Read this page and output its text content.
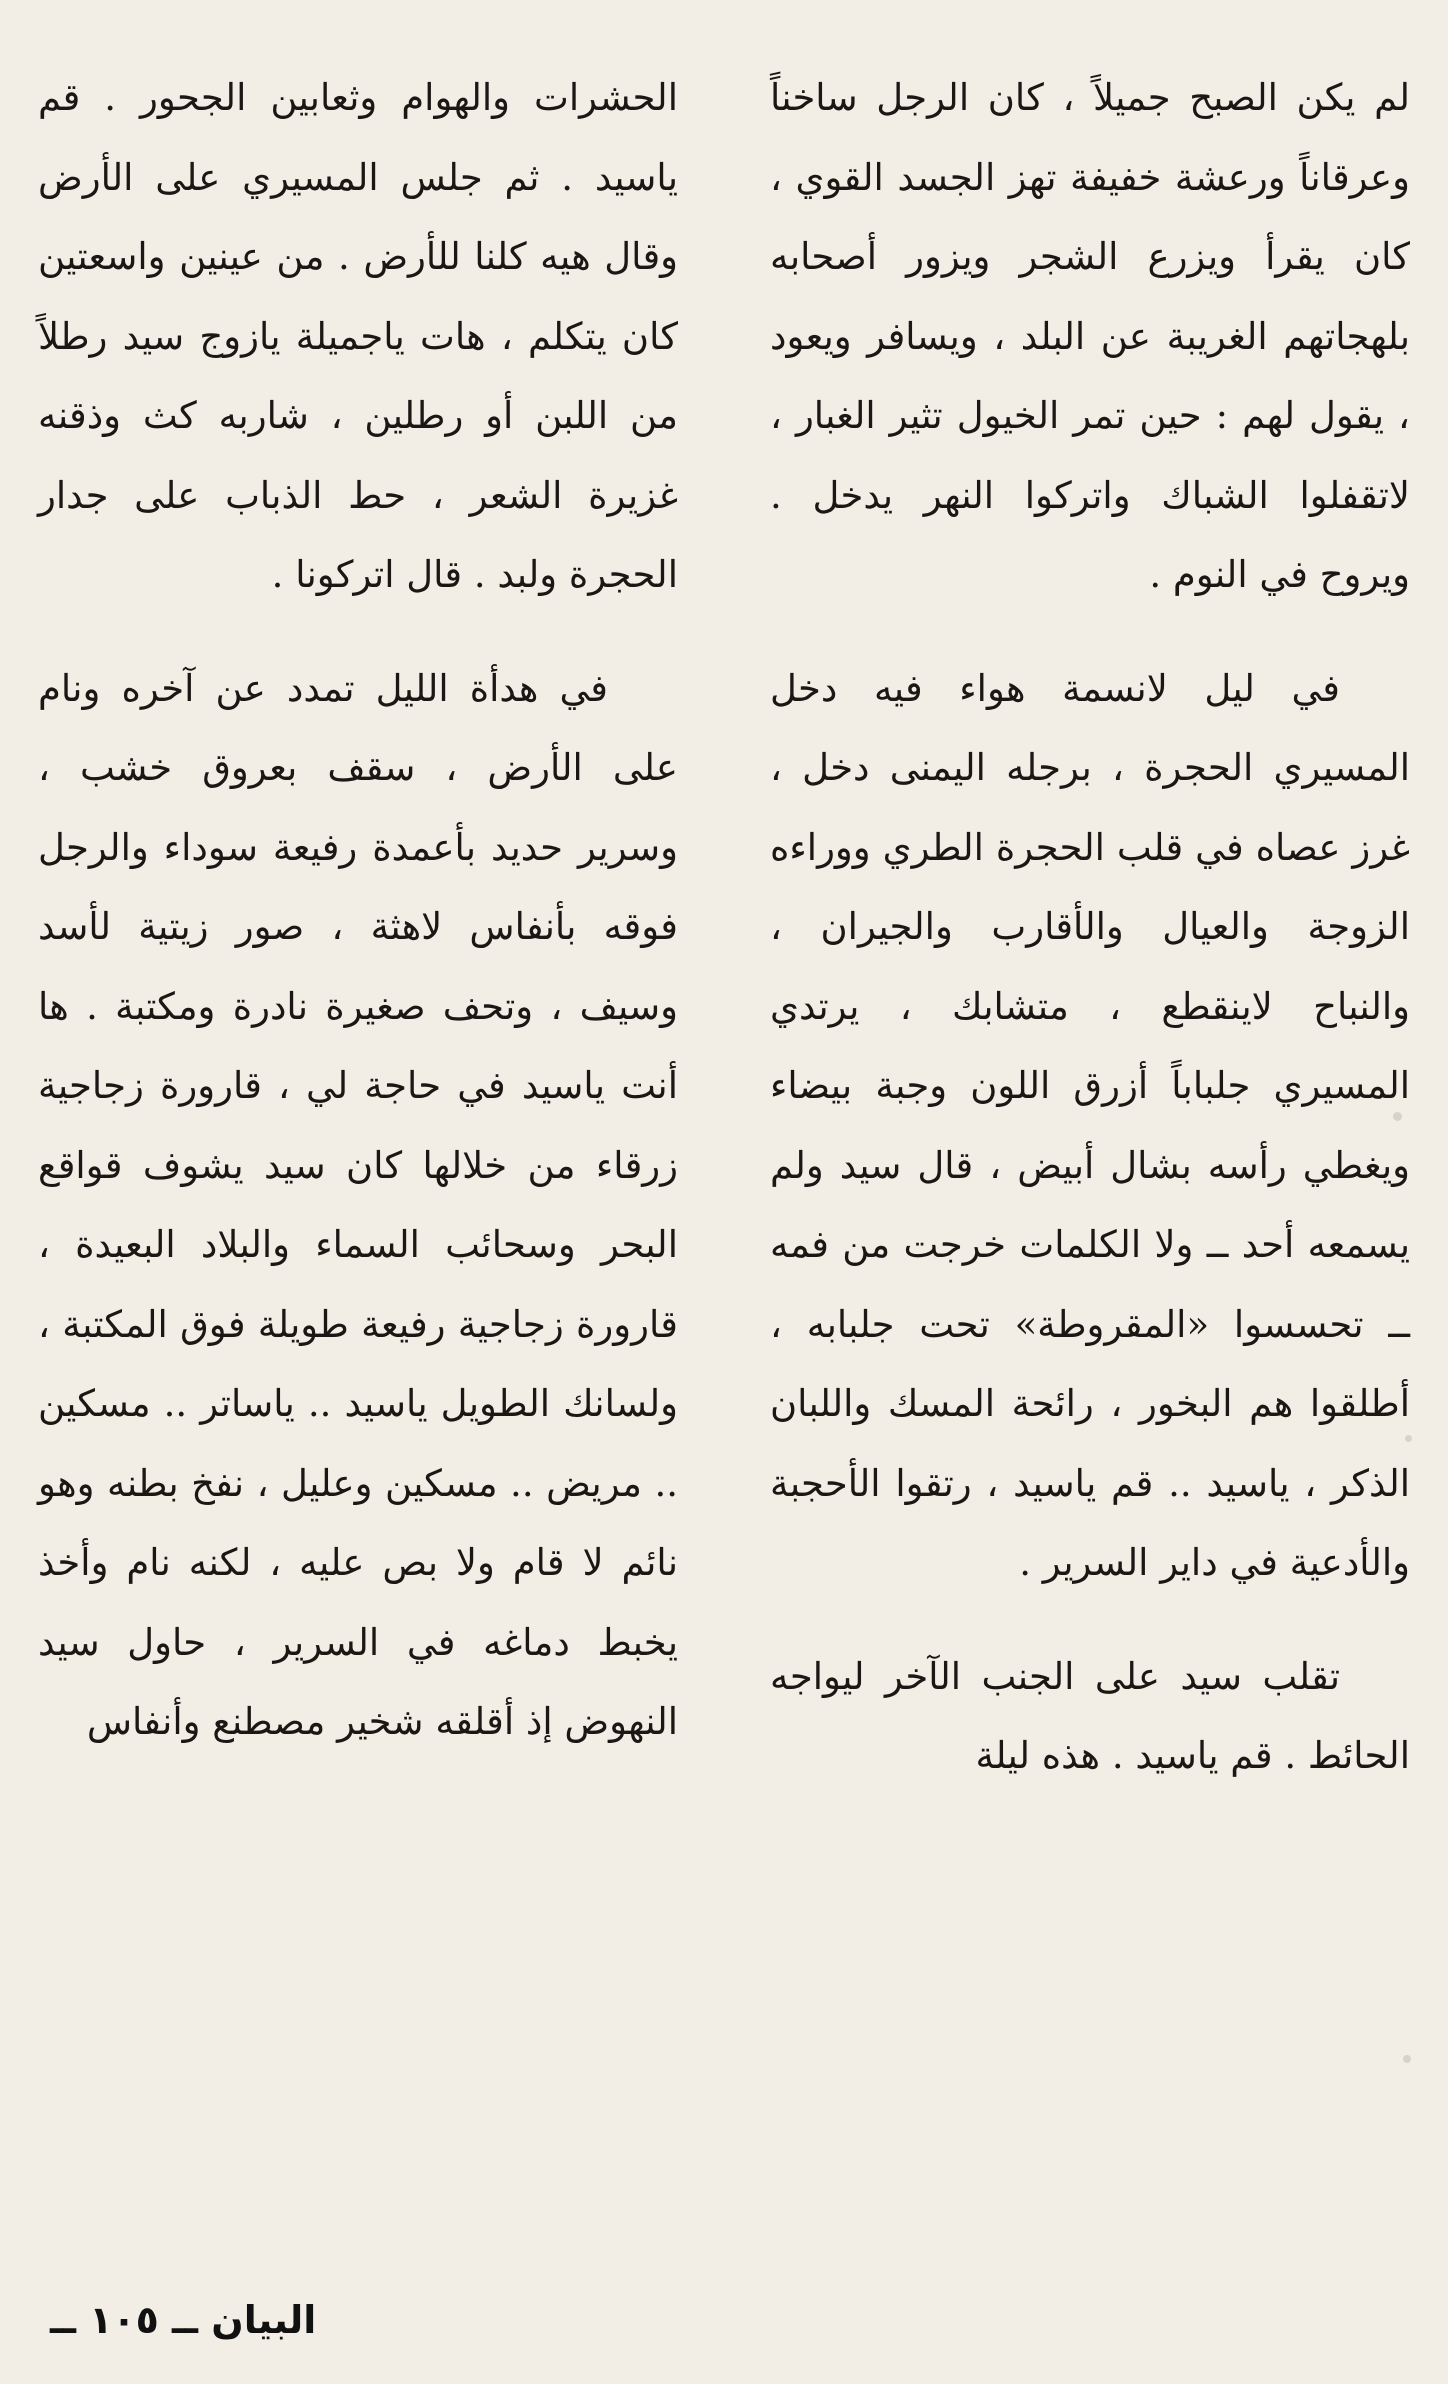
لم يكن الصبح جميلاً ، كان الرجل ساخناً وعرقاناً ورعشة خفيفة تهز الجسد القوي ، كان يقرأ ويزرع الشجر ويزور أصحابه بلهجاتهم الغريبة عن البلد ، ويسافر ويعود ، يقول لهم : حين تمر الخيول تثير الغبار ، لاتقفلوا الشباك واتركوا النهر يدخل . ويروح في النوم .

في ليل لانسمة هواء فيه دخل المسيري الحجرة ، برجله اليمنى دخل ، غرز عصاه في قلب الحجرة الطري ووراءه الزوجة والعيال والأقارب والجيران ، والنباح لاينقطع ، متشابك ، يرتدي المسيري جلباباً أزرق اللون وجبة بيضاء ويغطي رأسه بشال أبيض ، قال سيد ولم يسمعه أحد ــ ولا الكلمات خرجت من فمه ــ تحسسوا «المقروطة» تحت جلبابه ، أطلقوا هم البخور ، رائحة المسك واللبان الذكر ، ياسيد .. قم ياسيد ، رتقوا الأحجبة والأدعية في داير السرير .

تقلب سيد على الجنب الآخر ليواجه الحائط . قم ياسيد . هذه ليلة

الحشرات والهوام وثعابين الجحور . قم ياسيد . ثم جلس المسيري على الأرض وقال هيه كلنا للأرض . من عينين واسعتين كان يتكلم ، هات ياجميلة يازوج سيد رطلاً من اللبن أو رطلين ، شاربه كث وذقنه غزيرة الشعر ، حط الذباب على جدار الحجرة ولبد . قال اتركونا .

في هدأة الليل تمدد عن آخره ونام على الأرض ، سقف بعروق خشب ، وسرير حديد بأعمدة رفيعة سوداء والرجل فوقه بأنفاس لاهثة ، صور زيتية لأسد وسيف ، وتحف صغيرة نادرة ومكتبة . ها أنت ياسيد في حاجة لي ، قارورة زجاجية زرقاء من خلالها كان سيد يشوف قواقع البحر وسحائب السماء والبلاد البعيدة ، قارورة زجاجية رفيعة طويلة فوق المكتبة ، ولسانك الطويل ياسيد .. ياساتر .. مسكين .. مريض .. مسكين وعليل ، نفخ بطنه وهو نائم لا قام ولا بص عليه ، لكنه نام وأخذ يخبط دماغه في السرير ، حاول سيد النهوض إذ أقلقه شخير مصطنع وأنفاس

البيان ــ ١٠٥ ــ
